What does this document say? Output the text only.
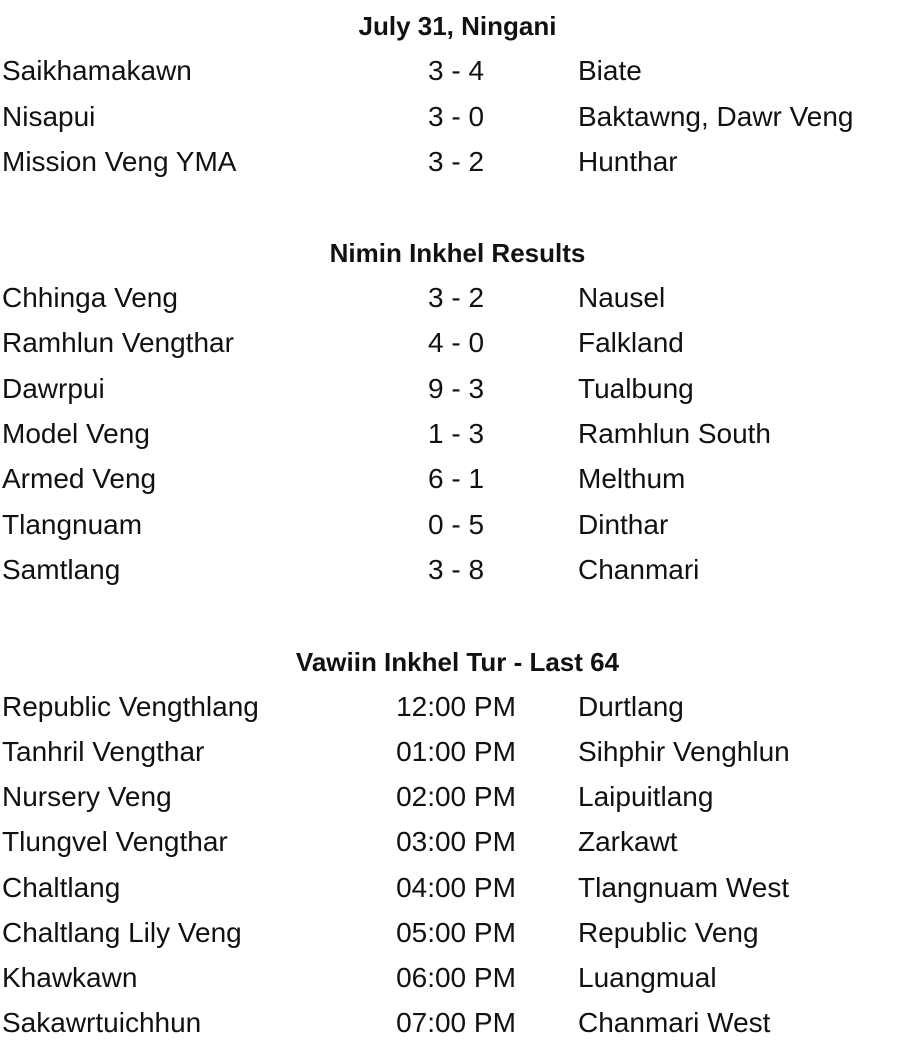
July 31, Ningani
Saikhamakawn	3 - 4	Biate
Nisapui	3 - 0	Baktawng, Dawr Veng
Mission Veng YMA	3 - 2	Hunthar
Nimin Inkhel Results
Chhinga Veng	3 - 2	Nausel
Ramhlun Vengthar	4 - 0	Falkland
Dawrpui	9 - 3	Tualbung
Model Veng	1 - 3	Ramhlun South
Armed Veng	6 - 1	Melthum
Tlangnuam	0 - 5	Dinthar
Samtlang	3 - 8	Chanmari
Vawiin Inkhel Tur - Last 64
Republic Vengthlang	12:00 PM	Durtlang
Tanhril Vengthar	01:00 PM	Sihphir Venghlun
Nursery Veng	02:00 PM	Laipuitlang
Tlungvel Vengthar	03:00 PM	Zarkawt
Chaltlang	04:00 PM	Tlangnuam West
Chaltlang Lily Veng	05:00 PM	Republic Veng
Khawkawn	06:00 PM	Luangmual
Sakawrtuichhun	07:00 PM	Chanmari West
